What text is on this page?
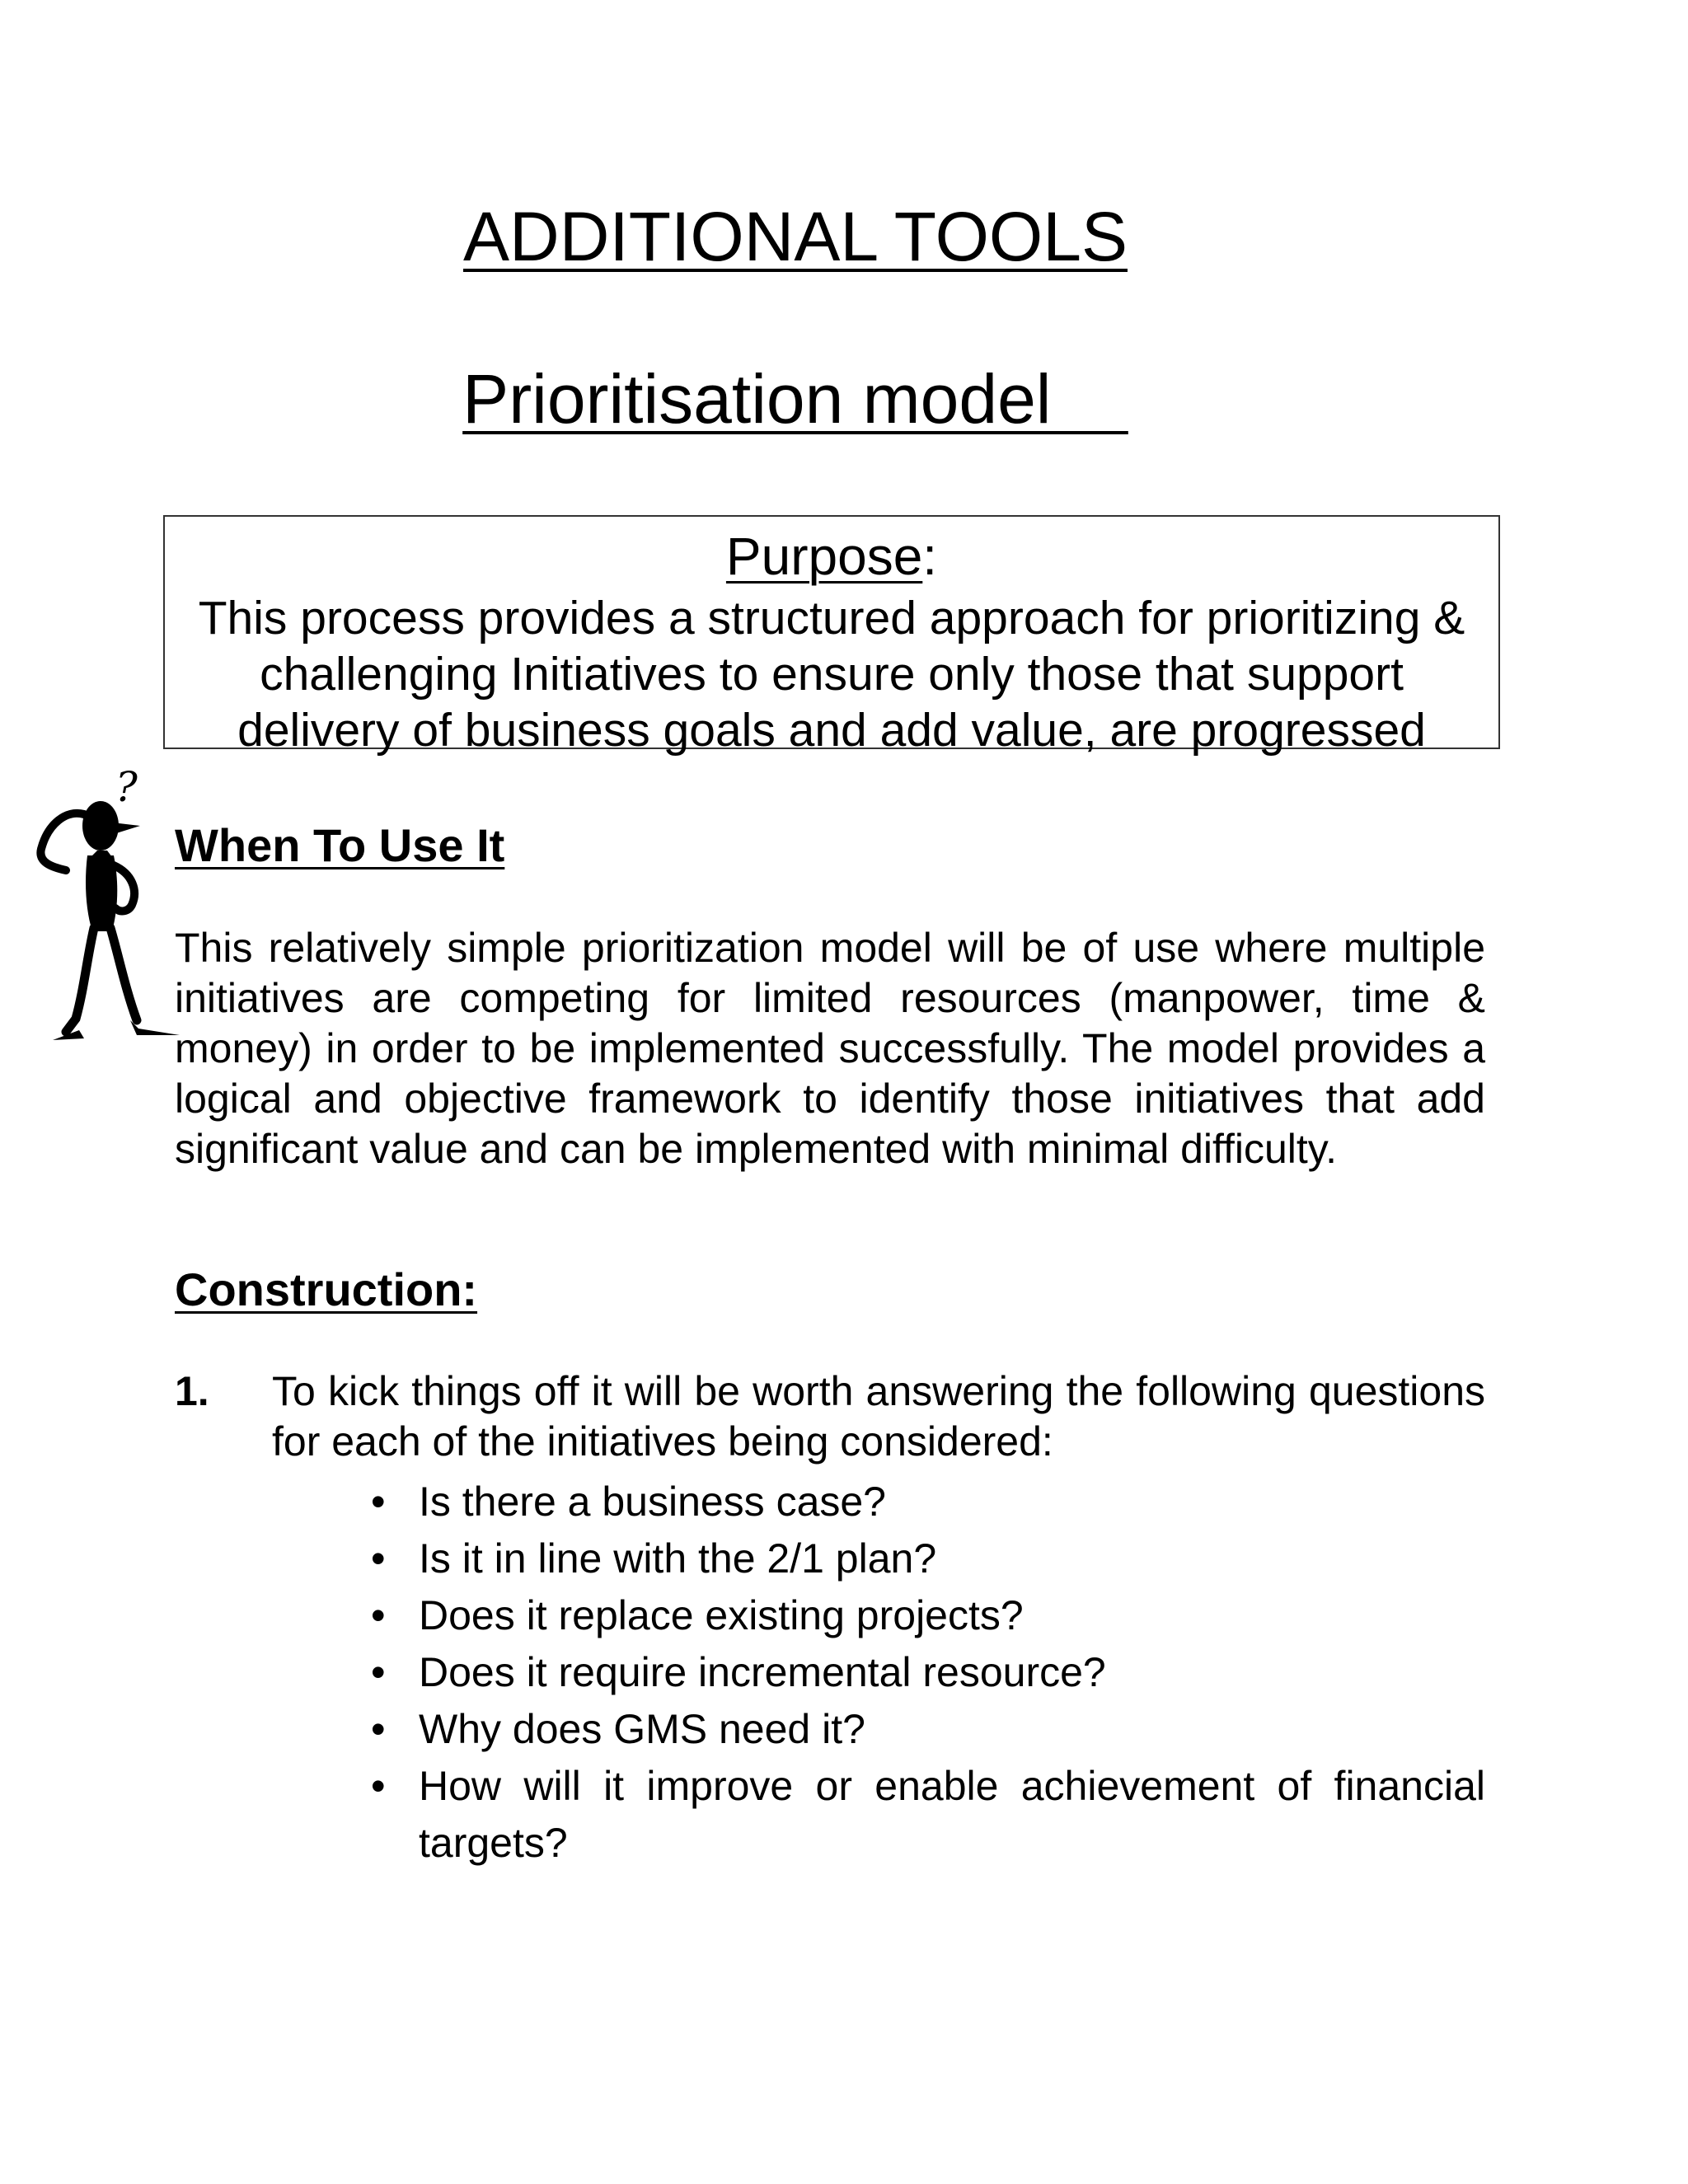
ADDITIONAL TOOLS
Prioritisation model
Purpose:
This process provides a structured approach for prioritizing & challenging Initiatives to ensure only those that support delivery of business goals and add value, are progressed
?
When To Use It

This relatively simple prioritization model will be of use where multiple initiatives are competing for limited resources (manpower, time & money) in order to be implemented successfully. The model provides a logical and objective framework to identify those initiatives that add significant value and can be implemented with minimal difficulty.

Construction:
1. To kick things off it will be worth answering the following questions for each of the initiatives being considered:
• Is there a business case?
• Is it in line with the 2/1 plan?
• Does it replace existing projects?
• Does it require incremental resource?
• Why does GMS need it?
• How will it improve or enable achievement of financial targets?
